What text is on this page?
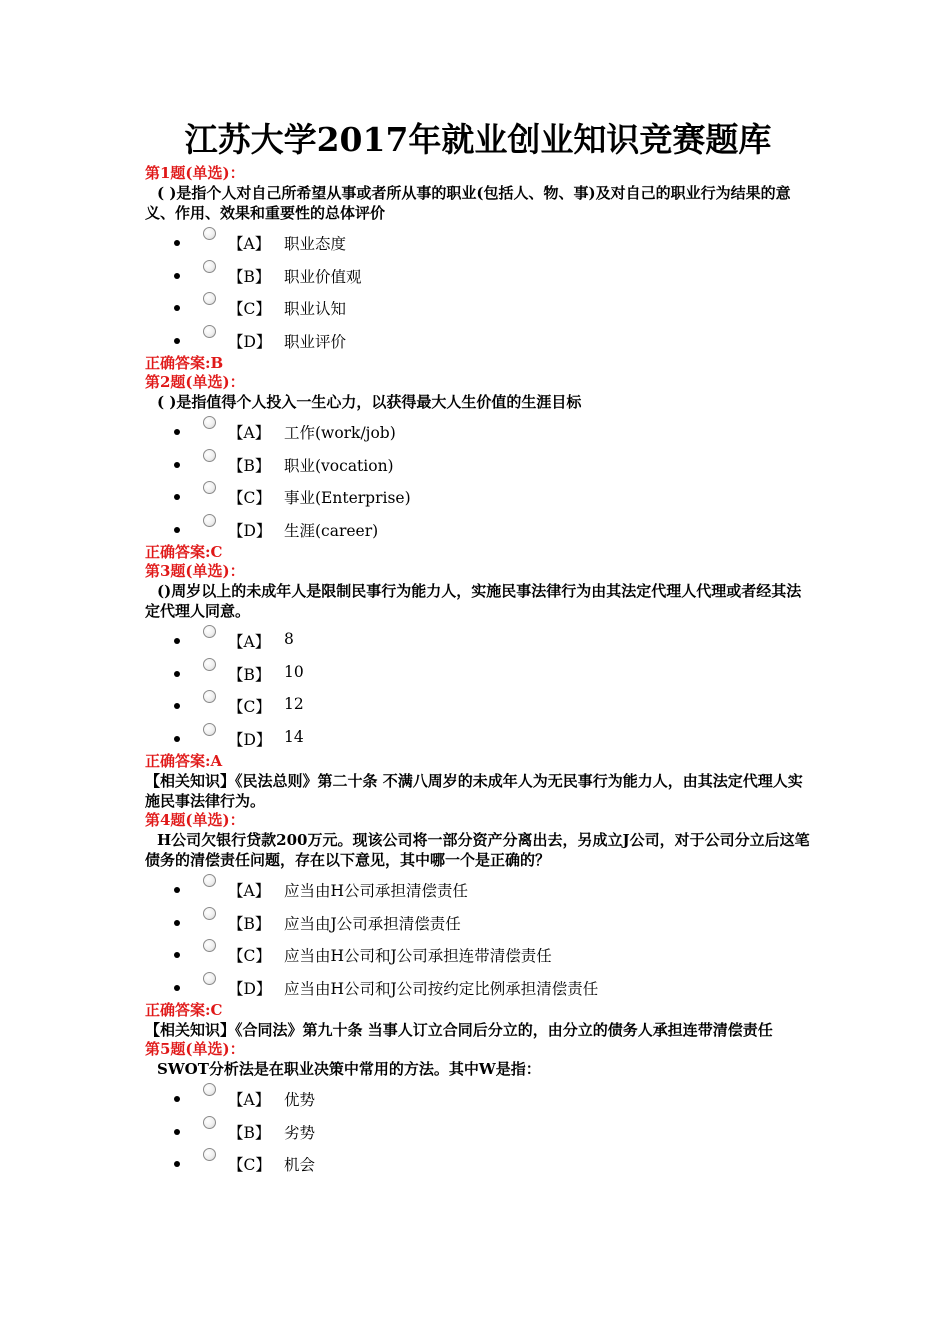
江苏大学2017年就业创业知识竞赛题库
第1题(单选)：
( )是指个人对自己所希望从事或者所从事的职业(包括人、物、事)及对自己的职业行为结果的意义、作用、效果和重要性的总体评价
【A】 职业态度
【B】 职业价值观
【C】 职业认知
【D】 职业评价
正确答案:B
第2题(单选)：
( )是指值得个人投入一生心力，以获得最大人生价值的生涯目标
【A】 工作(work/job)
【B】 职业(vocation)
【C】 事业(Enterprise)
【D】 生涯(career)
正确答案:C
第3题(单选)：
()周岁以上的未成年人是限制民事行为能力人，实施民事法律行为由其法定代理人代理或者经其法定代理人同意。
【A】 8
【B】 10
【C】 12
【D】 14
正确答案:A
【相关知识】《民法总则》第二十条 不满八周岁的未成年人为无民事行为能力人，由其法定代理人实施民事法律行为。
第4题(单选)：
H公司欠银行贷款200万元。现该公司将一部分资产分离出去，另成立J公司，对于公司分立后这笔债务的清偿责任问题，存在以下意见，其中哪一个是正确的？
【A】 应当由H公司承担清偿责任
【B】 应当由J公司承担清偿责任
【C】 应当由H公司和J公司承担连带清偿责任
【D】 应当由H公司和J公司按约定比例承担清偿责任
正确答案:C
【相关知识】《合同法》第九十条 当事人订立合同后分立的，由分立的债务人承担连带清偿责任
第5题(单选)：
SWOT分析法是在职业决策中常用的方法。其中W是指：
【A】 优势
【B】 劣势
【C】 机会
